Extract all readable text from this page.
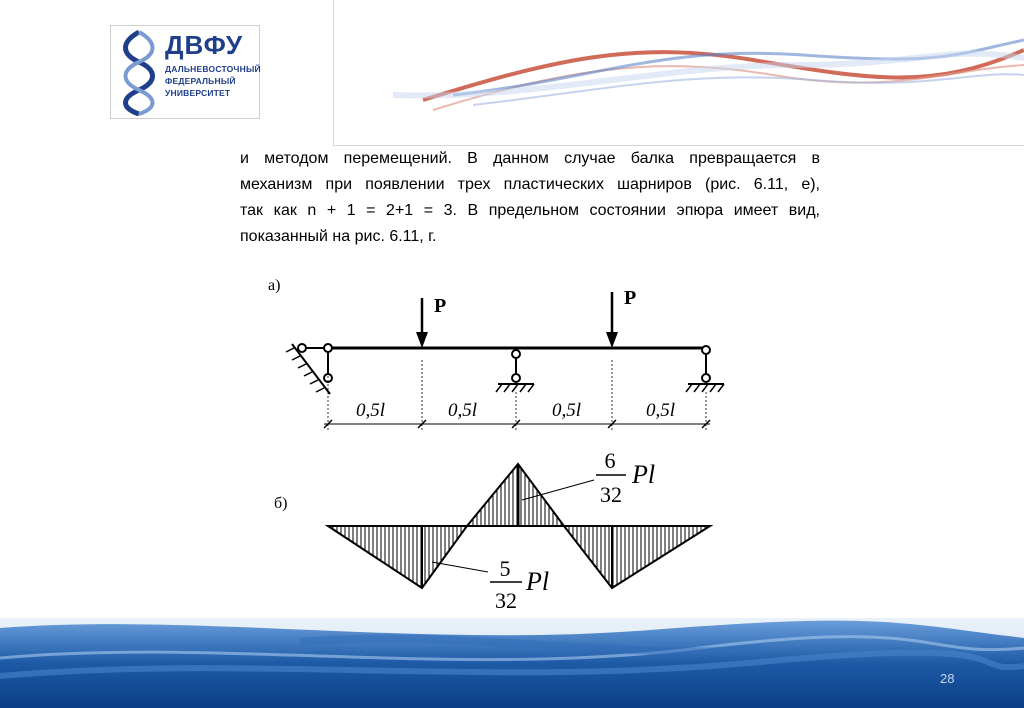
ДВФУ
ДАЛЬНЕВОСТОЧНЫЙ
ФЕДЕРАЛЬНЫЙ
УНИВЕРСИТЕТ
и методом перемещений. В данном случае балка превращается в
механизм при появлении трех пластических шарниров (рис. 6.11, е),
так как n + 1 = 2+1 = 3. В предельном состоянии эпюра имеет вид,
показанный на рис. 6.11, г.
а)
P	P
0,5l	0,5l	0,5l	0,5l
б)
6
32
Pl
5
32
Pl
28
